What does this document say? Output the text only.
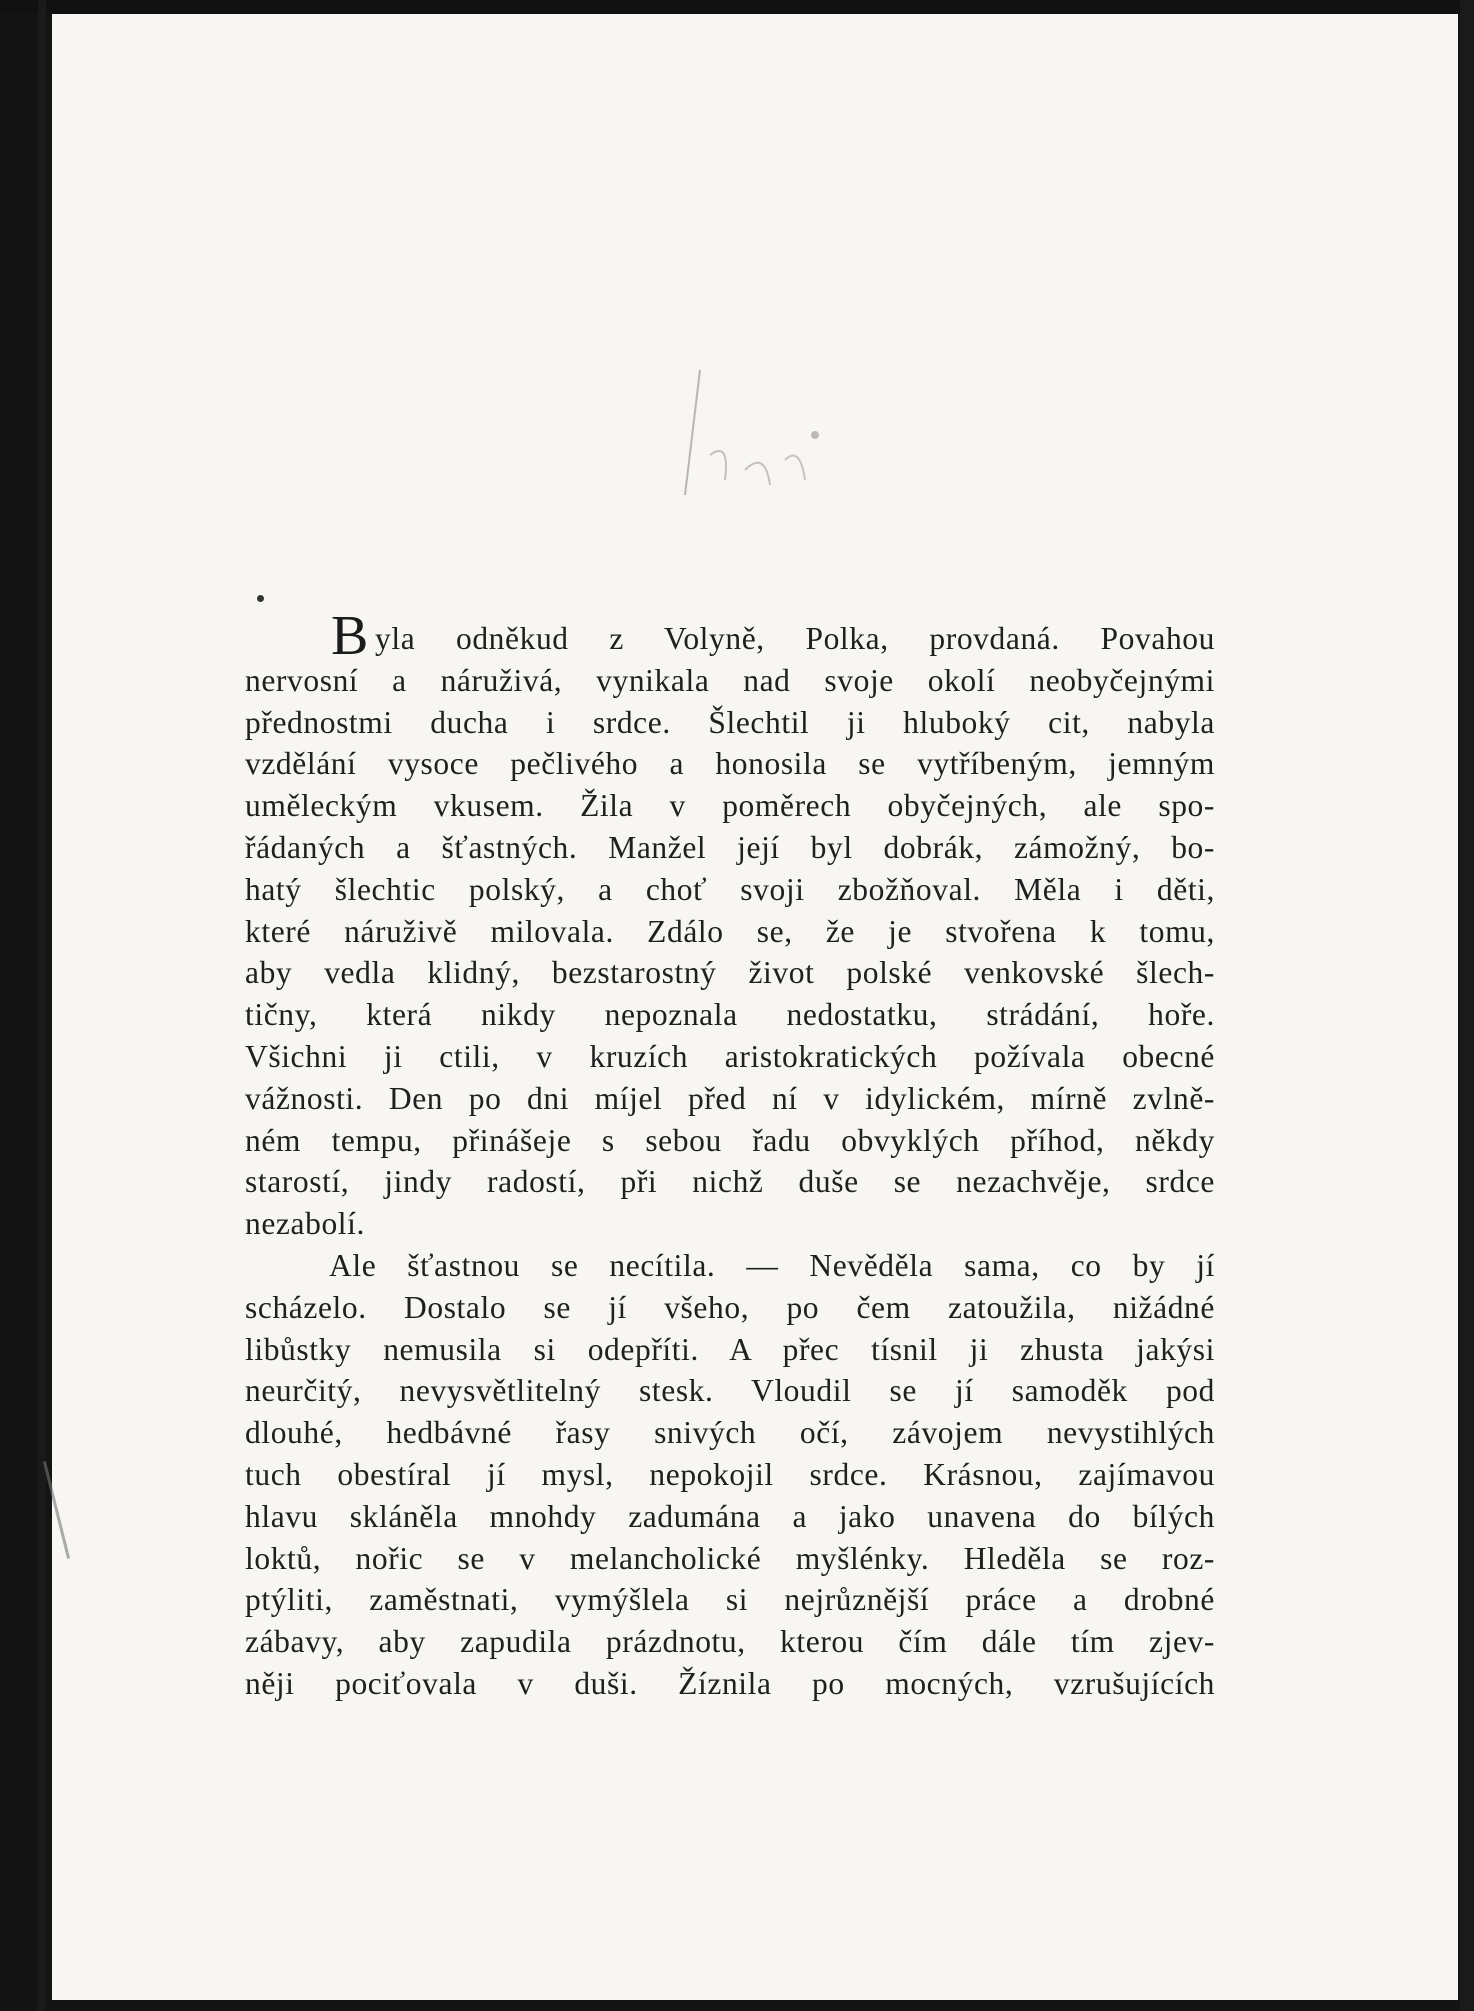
B yla odněkud z Volyně, Polka, provdaná. Povahou
nervosní a náruživá, vynikala nad svoje okolí neobyčejnými
přednostmi ducha i srdce. Šlechtil ji hluboký cit, nabyla
vzdělání vysoce pečlivého a honosila se vytříbeným, jemným
uměleckým vkusem. Žila v poměrech obyčejných, ale spo-
řádaných a šťastných. Manžel její byl dobrák, zámožný, bo-
hatý šlechtic polský, a choť svoji zbožňoval. Měla i děti,
které náruživě milovala. Zdálo se, že je stvořena k tomu,
aby vedla klidný, bezstarostný život polské venkovské šlech-
tičny, která nikdy nepoznala nedostatku, strádání, hoře.
Všichni ji ctili, v kruzích aristokratických požívala obecné
vážnosti. Den po dni míjel před ní v idylickém, mírně zvlně-
ném tempu, přinášeje s sebou řadu obvyklých příhod, někdy
starostí, jindy radostí, při nichž duše se nezachvěje, srdce
nezabolí.
Ale šťastnou se necítila. — Nevěděla sama, co by jí
scházelo. Dostalo se jí všeho, po čem zatoužila, nižádné
libůstky nemusila si odepříti. A přec tísnil ji zhusta jakýsi
neurčitý, nevysvětlitelný stesk. Vloudil se jí samoděk pod
dlouhé, hedbávné řasy snivých očí, závojem nevystihlých
tuch obestíral jí mysl, nepokojil srdce. Krásnou, zajímavou
hlavu skláněla mnohdy zadumána a jako unavena do bílých
loktů, nořic se v melancholické myšlénky. Hleděla se roz-
ptýliti, zaměstnati, vymýšlela si nejrůznější práce a drobné
zábavy, aby zapudila prázdnotu, kterou čím dále tím zjev-
něji pociťovala v duši. Žíznila po mocných, vzrušujících
